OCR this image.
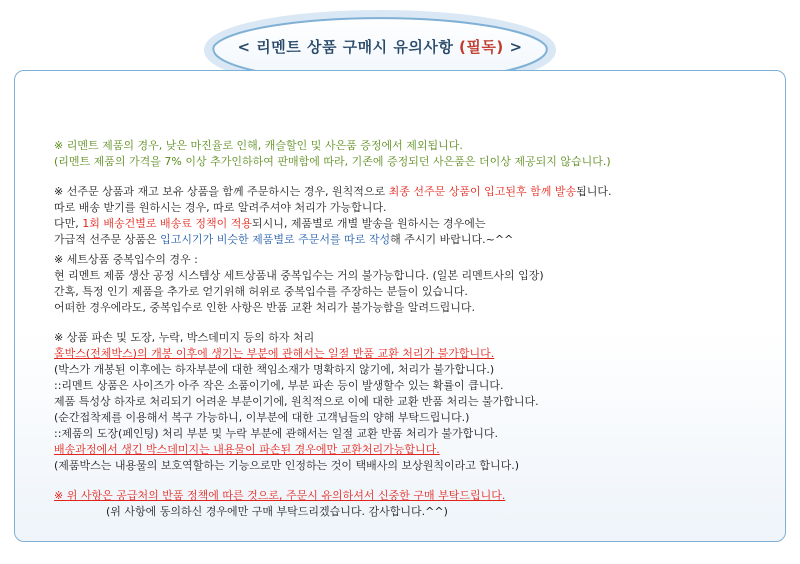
< 리멘트 상품 구매시 유의사항 (필독) >
※ 리멘트 제품의 경우, 낮은 마진율로 인해, 캐슬할인 및 사은품 증정에서 제외됩니다.
(리멘트 제품의 가격을 7% 이상 추가인하하여 판매함에 따라, 기존에 증정되던 사은품은 더이상 제공되지 않습니다.)
※ 선주문 상품과 재고 보유 상품을 함께 주문하시는 경우, 원칙적으로 최종 선주문 상품이 입고된후 함께 발송됩니다.
따로 배송 받기를 원하시는 경우, 따로 알려주셔야 처리가 가능합니다.
다만, 1회 배송건별로 배송료 정책이 적용되시니, 제품별로 개별 발송을 원하시는 경우에는
가급적 선주문 상품은 입고시기가 비슷한 제품별로 주문서를 따로 작성해 주시기 바랍니다.~^^
※ 세트상품 중복입수의 경우 :
현 리멘트 제품 생산 공정 시스템상 세트상품내 중복입수는 거의 불가능합니다. (일본 리멘트사의 입장)
간혹, 특정 인기 제품을 추가로 얻기위해 허위로 중복입수를 주장하는 분들이 있습니다.
어떠한 경우에라도, 중복입수로 인한 사항은 반품 교환 처리가 불가능함을 알려드립니다.
※ 상품 파손 및 도장, 누락, 박스데미지 등의 하자 처리
홀박스(전체박스)의 개봉 이후에 생기는 부분에 관해서는 일절 반품 교환 처리가 불가합니다.
(박스가 개봉된 이후에는 하자부분에 대한 책임소재가 명확하지 않기에, 처리가 불가합니다.)
::리멘트 상품은 사이즈가 아주 작은 소품이기에, 부분 파손 등이 발생할수 있는 확률이 큽니다.
제품 특성상 하자로 처리되기 어려운 부분이기에, 원칙적으로 이에 대한 교환 반품 처리는 불가합니다.
(순간접착제를 이용해서 복구 가능하니, 이부분에 대한 고객님들의 양해 부탁드립니다.)
::제품의 도장(페인팅) 처리 부분 및 누락 부분에 관해서는 일절 교환 반품 처리가 불가합니다.
배송과정에서 생긴 박스데미지는 내용물이 파손된 경우에만 교환처리가능합니다.
(제품박스는 내용물의 보호역할하는 기능으로만 인정하는 것이 택배사의 보상원칙이라고 합니다.)
※ 위 사항은 공급처의 반품 정책에 따른 것으로, 주문시 유의하셔서 신중한 구매 부탁드립니다.
(위 사항에 동의하신 경우에만 구매 부탁드리겠습니다. 감사합니다.^^)
